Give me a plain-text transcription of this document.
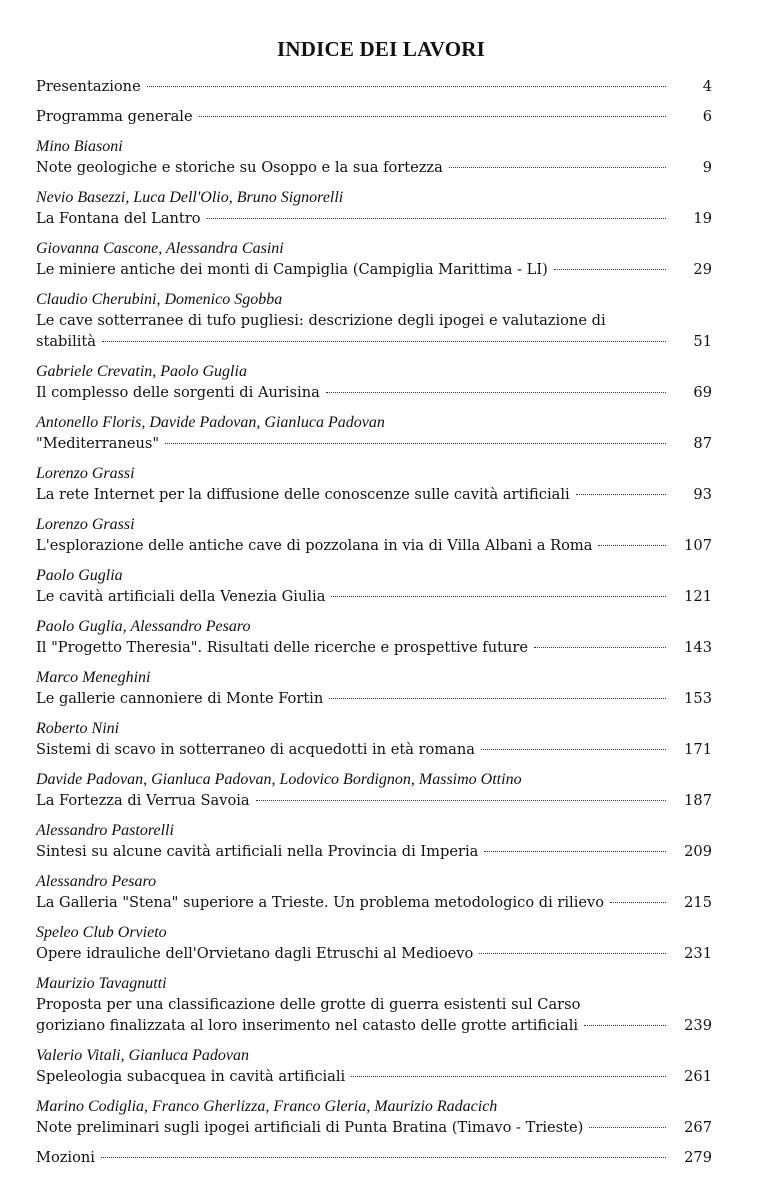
INDICE DEI LAVORI
Presentazione	4
Programma generale	6
Mino Biasoni
Note geologiche e storiche su Osoppo e la sua fortezza	9
Nevio Basezzi, Luca Dell'Olio, Bruno Signorelli
La Fontana del Lantro	19
Giovanna Cascone, Alessandra Casini
Le miniere antiche dei monti di Campiglia (Campiglia Marittima - LI)	29
Claudio Cherubini, Domenico Sgobba
Le cave sotterranee di tufo pugliesi: descrizione degli ipogei e valutazione di
stabilità	51
Gabriele Crevatin, Paolo Guglia
Il complesso delle sorgenti di Aurisina	69
Antonello Floris, Davide Padovan, Gianluca Padovan
"Mediterraneus"	87
Lorenzo Grassi
La rete Internet per la diffusione delle conoscenze sulle cavità artificiali	93
Lorenzo Grassi
L'esplorazione delle antiche cave di pozzolana in via di Villa Albani a Roma	107
Paolo Guglia
Le cavità artificiali della Venezia Giulia	121
Paolo Guglia, Alessandro Pesaro
Il "Progetto Theresia". Risultati delle ricerche e prospettive future	143
Marco Meneghini
Le gallerie cannoniere di Monte Fortin	153
Roberto Nini
Sistemi di scavo in sotterraneo di acquedotti in età romana	171
Davide Padovan, Gianluca Padovan, Lodovico Bordignon, Massimo Ottino
La Fortezza di Verrua Savoia	187
Alessandro Pastorelli
Sintesi su alcune cavità artificiali nella Provincia di Imperia	209
Alessandro Pesaro
La Galleria "Stena" superiore a Trieste. Un problema metodologico di rilievo	215
Speleo Club Orvieto
Opere idrauliche dell'Orvietano dagli Etruschi al Medioevo	231
Maurizio Tavagnutti
Proposta per una classificazione delle grotte di guerra esistenti sul Carso
goriziano finalizzata al loro inserimento nel catasto delle grotte artificiali	239
Valerio Vitali, Gianluca Padovan
Speleologia subacquea in cavità artificiali	261
Marino Codiglia, Franco Gherlizza, Franco Gleria, Maurizio Radacich
Note preliminari sugli ipogei artificiali di Punta Bratina (Timavo - Trieste)	267
Mozioni	279
